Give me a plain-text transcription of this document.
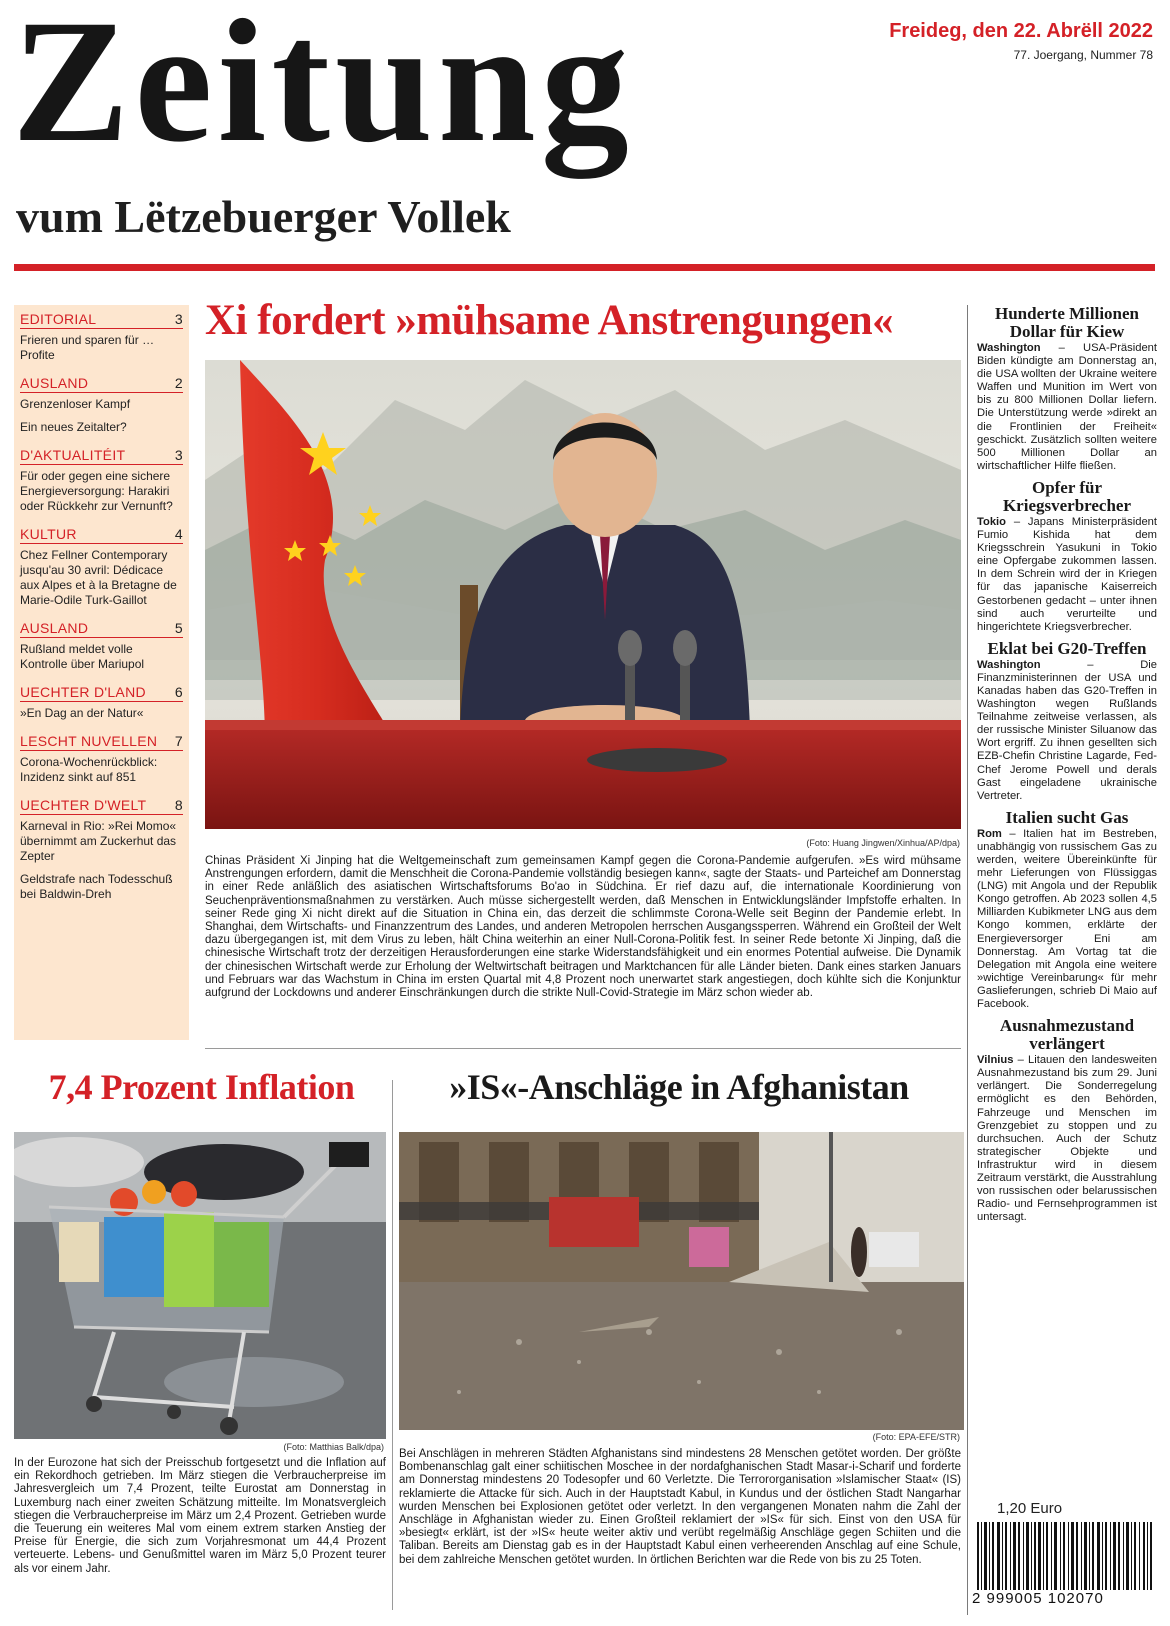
Zeitung
vum Lëtzebuerger Vollek
Freideg, den 22. Abrëll 2022
77. Joergang, Nummer 78
EDITORIAL	3
Frieren und sparen für … Profite
AUSLAND	2
Grenzenloser Kampf
Ein neues Zeitalter?
D'AKTUALITÉIT	3
Für oder gegen eine sichere Energieversorgung: Harakiri oder Rückkehr zur Vernunft?
KULTUR	4
Chez Fellner Contemporary jusqu'au 30 avril: Dédicace aux Alpes et à la Bretagne de Marie-Odile Turk-Gaillot
AUSLAND	5
Rußland meldet volle Kontrolle über Mariupol
UECHTER D'LAND 6
»En Dag an der Natur«
LESCHT NUVELLEN 7
Corona-Wochenrückblick: Inzidenz sinkt auf 851
UECHTER D'WELT 8
Karneval in Rio: »Rei Momo« übernimmt am Zuckerhut das Zepter
Geldstrafe nach Todesschuß bei Baldwin-Dreh
Xi fordert »mühsame Anstrengungen«
(Foto: Huang Jingwen/Xinhua/AP/dpa)
Chinas Präsident Xi Jinping hat die Weltgemeinschaft zum gemeinsamen Kampf gegen die Corona-Pandemie aufgerufen. »Es wird mühsame Anstrengungen erfordern, damit die Menschheit die Corona-Pandemie vollständig besiegen kann«, sagte der Staats- und Parteichef am Donnerstag in einer Rede anläßlich des asiatischen Wirtschaftsforums Bo'ao in Südchina. Er rief dazu auf, die internationale Koordinierung von Seuchenpräventionsmaßnahmen zu verstärken. Auch müsse sichergestellt werden, daß Menschen in Entwicklungsländer Impfstoffe erhalten. In seiner Rede ging Xi nicht direkt auf die Situation in China ein, das derzeit die schlimmste Corona-Welle seit Beginn der Pandemie erlebt. In Shanghai, dem Wirtschafts- und Finanzzentrum des Landes, und anderen Metropolen herrschen Ausgangssperren. Während ein Großteil der Welt dazu übergegangen ist, mit dem Virus zu leben, hält China weiterhin an einer Null-Corona-Politik fest. In seiner Rede betonte Xi Jinping, daß die chinesische Wirtschaft trotz der derzeitigen Herausforderungen eine starke Widerstandsfähigkeit und ein enormes Potential aufweise. Die Dynamik der chinesischen Wirtschaft werde zur Erholung der Weltwirtschaft beitragen und Marktchancen für alle Länder bieten. Dank eines starken Januars und Februars war das Wachstum in China im ersten Quartal mit 4,8 Prozent noch unerwartet stark angestiegen, doch kühlte sich die Konjunktur aufgrund der Lockdowns und anderer Einschränkungen durch die strikte Null-Covid-Strategie im März schon wieder ab.
Hunderte Millionen Dollar für Kiew
Washington – USA-Präsident Biden kündigte am Donnerstag an, die USA wollten der Ukraine weitere Waffen und Munition im Wert von bis zu 800 Millionen Dollar liefern. Die Unterstützung werde »direkt an die Frontlinien der Freiheit« geschickt. Zusätzlich sollten weitere 500 Millionen Dollar an wirtschaftlicher Hilfe fließen.
Opfer für Kriegsverbrecher
Tokio – Japans Ministerpräsident Fumio Kishida hat dem Kriegsschrein Yasukuni in Tokio eine Opfergabe zukommen lassen. In dem Schrein wird der in Kriegen für das japanische Kaiserreich Gestorbenen gedacht – unter ihnen sind auch verurteilte und hingerichtete Kriegsverbrecher.
Eklat bei G20-Treffen
Washington – Die Finanzministerinnen der USA und Kanadas haben das G20-Treffen in Washington wegen Rußlands Teilnahme zeitweise verlassen, als der russische Minister Siluanow das Wort ergriff. Zu ihnen gesellten sich EZB-Chefin Christine Lagarde, Fed-Chef Jerome Powell und derals Gast eingeladene ukrainische Vertreter.
Italien sucht Gas
Rom – Italien hat im Bestreben, unabhängig von russischem Gas zu werden, weitere Übereinkünfte für mehr Lieferungen von Flüssiggas (LNG) mit Angola und der Republik Kongo getroffen. Ab 2023 sollen 4,5 Milliarden Kubikmeter LNG aus dem Kongo kommen, erklärte der Energieversorger Eni am Donnerstag. Am Vortag tat die Delegation mit Angola eine weitere »wichtige Vereinbarung« für mehr Gaslieferungen, schrieb Di Maio auf Facebook.
Ausnahmezustand verlängert
Vilnius – Litauen den landesweiten Ausnahmezustand bis zum 29. Juni verlängert. Die Sonderregelung ermöglicht es den Behörden, Fahrzeuge und Menschen im Grenzgebiet zu stoppen und zu durchsuchen. Auch der Schutz strategischer Objekte und Infrastruktur wird in diesem Zeitraum verstärkt, die Ausstrahlung von russischen oder belarussischen Radio- und Fernsehprogrammen ist untersagt.
7,4 Prozent Inflation
(Foto: Matthias Balk/dpa)
In der Eurozone hat sich der Preisschub fortgesetzt und die Inflation auf ein Rekordhoch getrieben. Im März stiegen die Verbraucherpreise im Jahresvergleich um 7,4 Prozent, teilte Eurostat am Donnerstag in Luxemburg nach einer zweiten Schätzung mitteilte. Im Monatsvergleich stiegen die Verbraucherpreise im März um 2,4 Prozent. Getrieben wurde die Teuerung ein weiteres Mal vom einem extrem starken Anstieg der Preise für Energie, die sich zum Vorjahresmonat um 44,4 Prozent verteuerte. Lebens- und Genußmittel waren im März 5,0 Prozent teurer als vor einem Jahr.
»IS«-Anschläge in Afghanistan
(Foto: EPA-EFE/STR)
Bei Anschlägen in mehreren Städten Afghanistans sind mindestens 28 Menschen getötet worden. Der größte Bombenanschlag galt einer schiitischen Moschee in der nordafghanischen Stadt Masar-i-Scharif und forderte am Donnerstag mindestens 20 Todesopfer und 60 Verletzte. Die Terrororganisation »Islamischer Staat« (IS) reklamierte die Attacke für sich. Auch in der Hauptstadt Kabul, in Kundus und der östlichen Stadt Nangarhar wurden Menschen bei Explosionen getötet oder verletzt. In den vergangenen Monaten nahm die Zahl der Anschläge in Afghanistan wieder zu. Einen Großteil reklamiert der »IS« für sich. Einst von den USA für »besiegt« erklärt, ist der »IS« heute weiter aktiv und verübt regelmäßig Anschläge gegen Schiiten und die Taliban. Bereits am Dienstag gab es in der Hauptstadt Kabul einen verheerenden Anschlag auf eine Schule, bei dem zahlreiche Menschen getötet wurden. In örtlichen Berichten war die Rede von bis zu 25 Toten.
1,20 Euro
2 999005 102070
